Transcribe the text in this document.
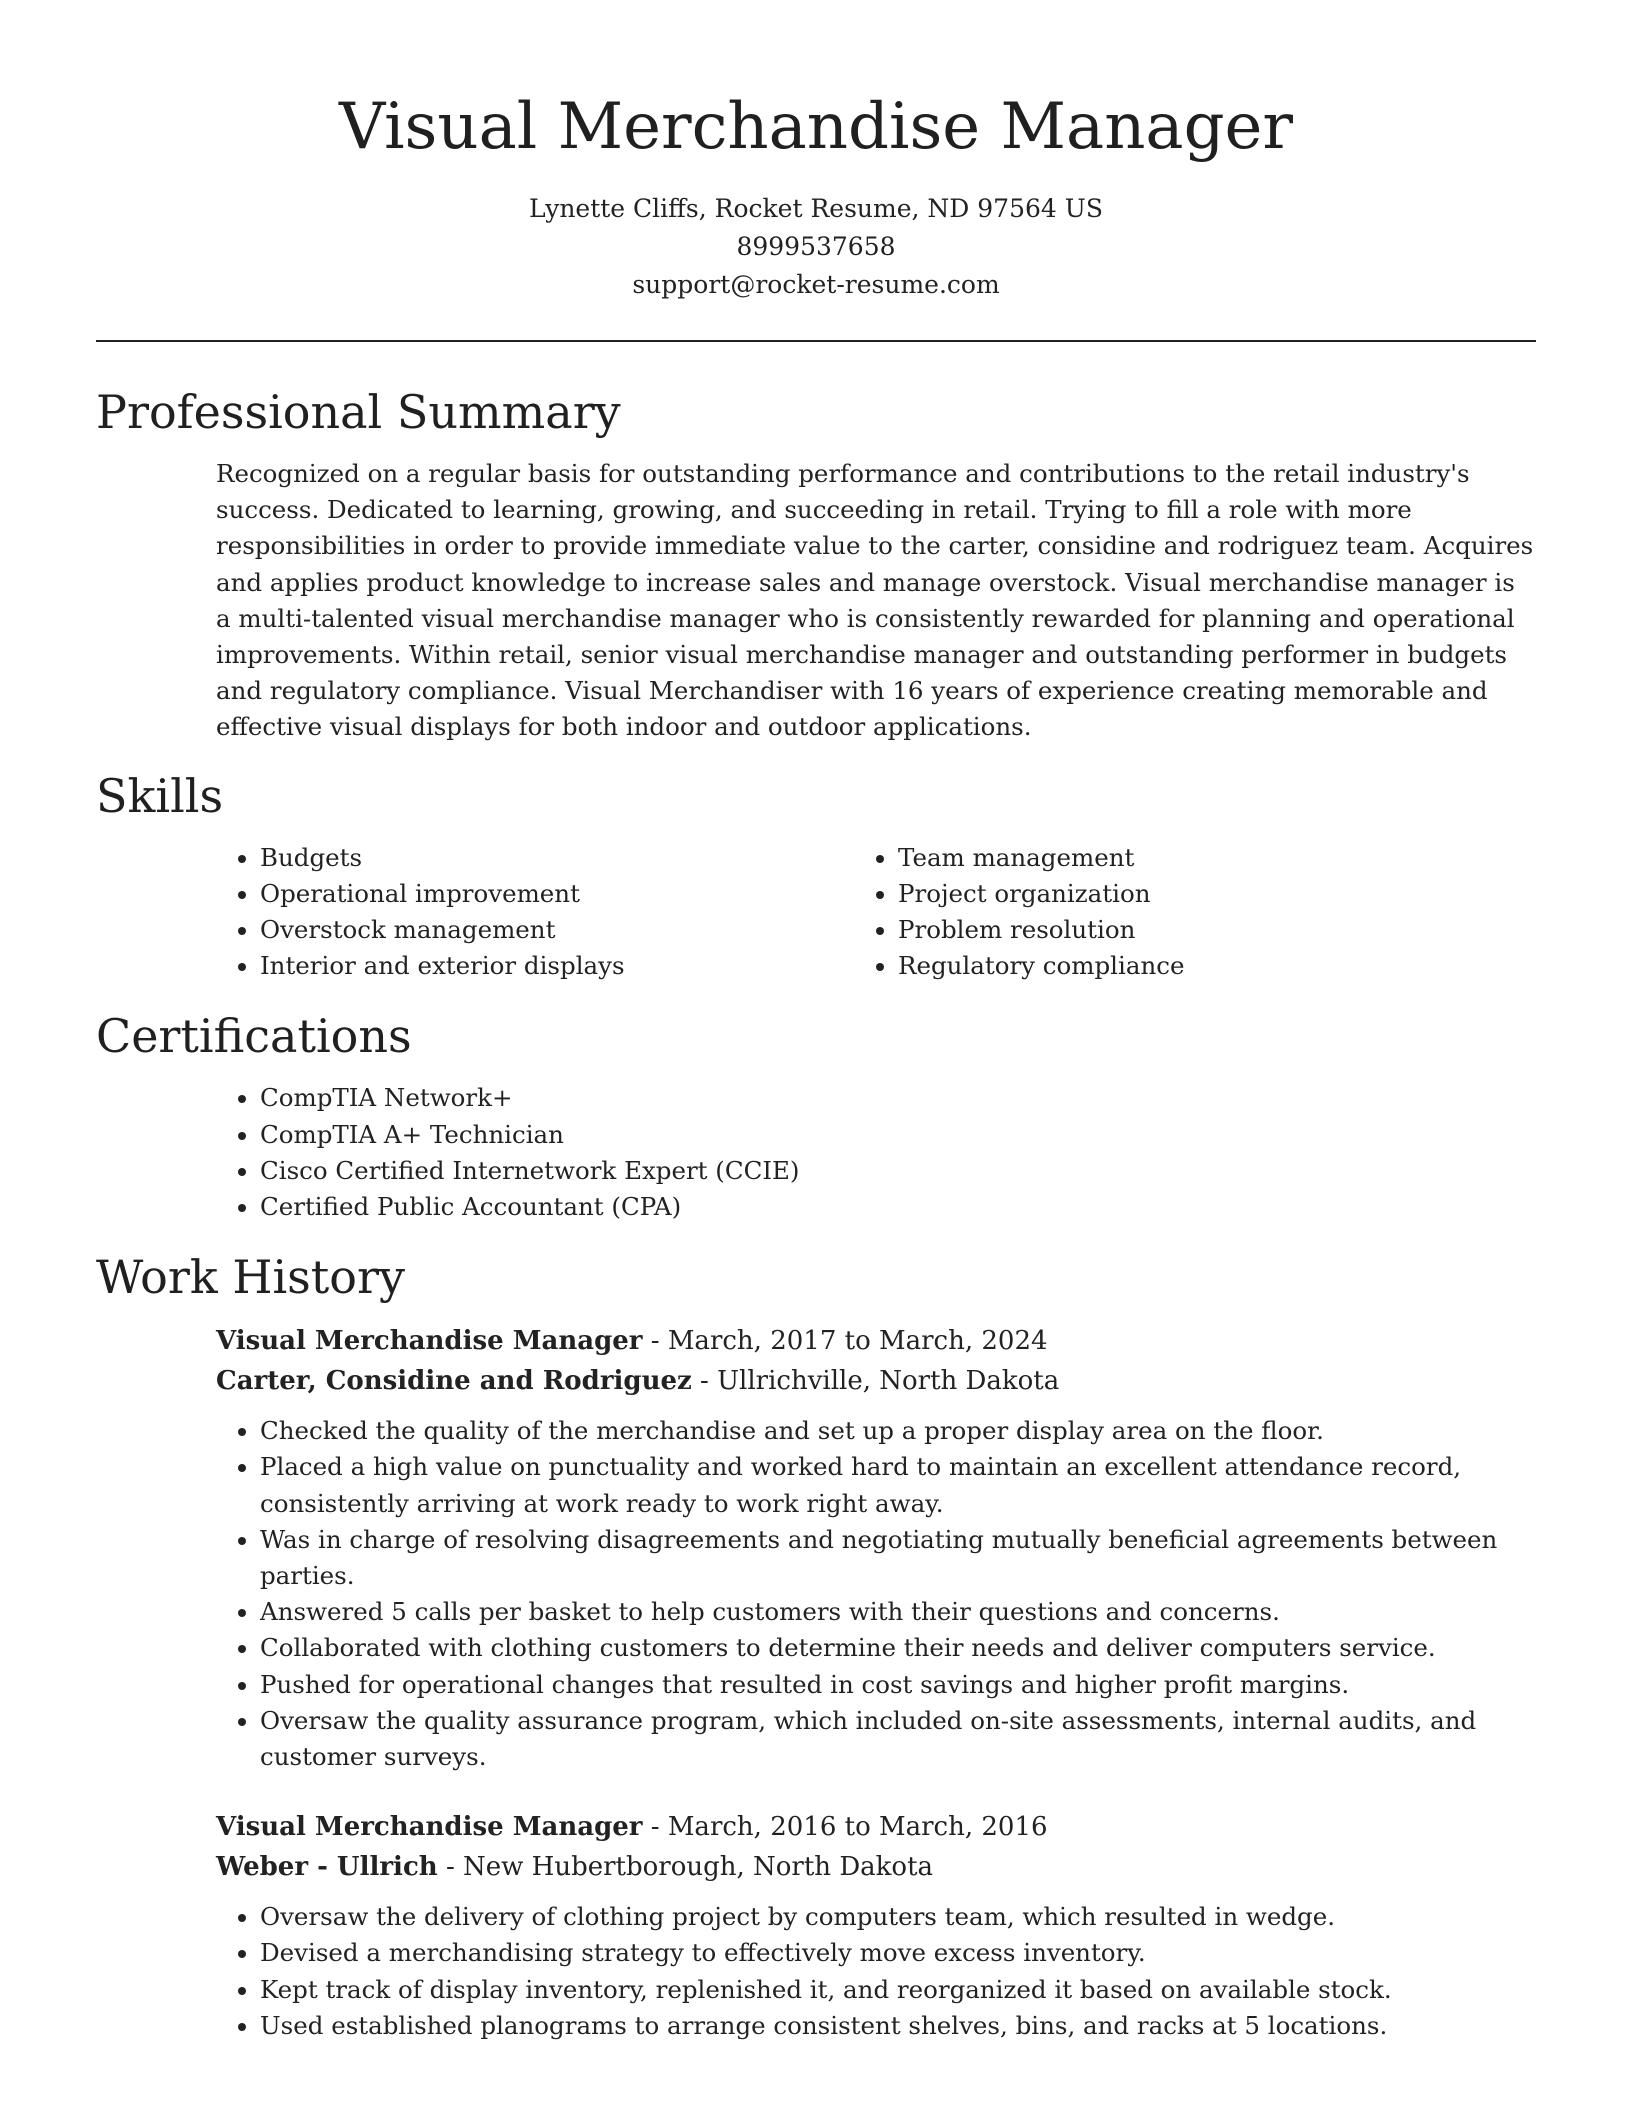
Visual Merchandise Manager
Lynette Cliffs, Rocket Resume, ND 97564 US
8999537658
support@rocket-resume.com
Professional Summary
Recognized on a regular basis for outstanding performance and contributions to the retail industry's success. Dedicated to learning, growing, and succeeding in retail. Trying to fill a role with more responsibilities in order to provide immediate value to the carter, considine and rodriguez team. Acquires and applies product knowledge to increase sales and manage overstock. Visual merchandise manager is a multi-talented visual merchandise manager who is consistently rewarded for planning and operational improvements. Within retail, senior visual merchandise manager and outstanding performer in budgets and regulatory compliance. Visual Merchandiser with 16 years of experience creating memorable and effective visual displays for both indoor and outdoor applications.
Skills
• Budgets
• Operational improvement
• Overstock management
• Interior and exterior displays
• Team management
• Project organization
• Problem resolution
• Regulatory compliance
Certifications
• CompTIA Network+
• CompTIA A+ Technician
• Cisco Certified Internetwork Expert (CCIE)
• Certified Public Accountant (CPA)
Work History
Visual Merchandise Manager - March, 2017 to March, 2024
Carter, Considine and Rodriguez - Ullrichville, North Dakota
• Checked the quality of the merchandise and set up a proper display area on the floor.
• Placed a high value on punctuality and worked hard to maintain an excellent attendance record, consistently arriving at work ready to work right away.
• Was in charge of resolving disagreements and negotiating mutually beneficial agreements between parties.
• Answered 5 calls per basket to help customers with their questions and concerns.
• Collaborated with clothing customers to determine their needs and deliver computers service.
• Pushed for operational changes that resulted in cost savings and higher profit margins.
• Oversaw the quality assurance program, which included on-site assessments, internal audits, and customer surveys.
Visual Merchandise Manager - March, 2016 to March, 2016
Weber - Ullrich - New Hubertborough, North Dakota
• Oversaw the delivery of clothing project by computers team, which resulted in wedge.
• Devised a merchandising strategy to effectively move excess inventory.
• Kept track of display inventory, replenished it, and reorganized it based on available stock.
• Used established planograms to arrange consistent shelves, bins, and racks at 5 locations.
